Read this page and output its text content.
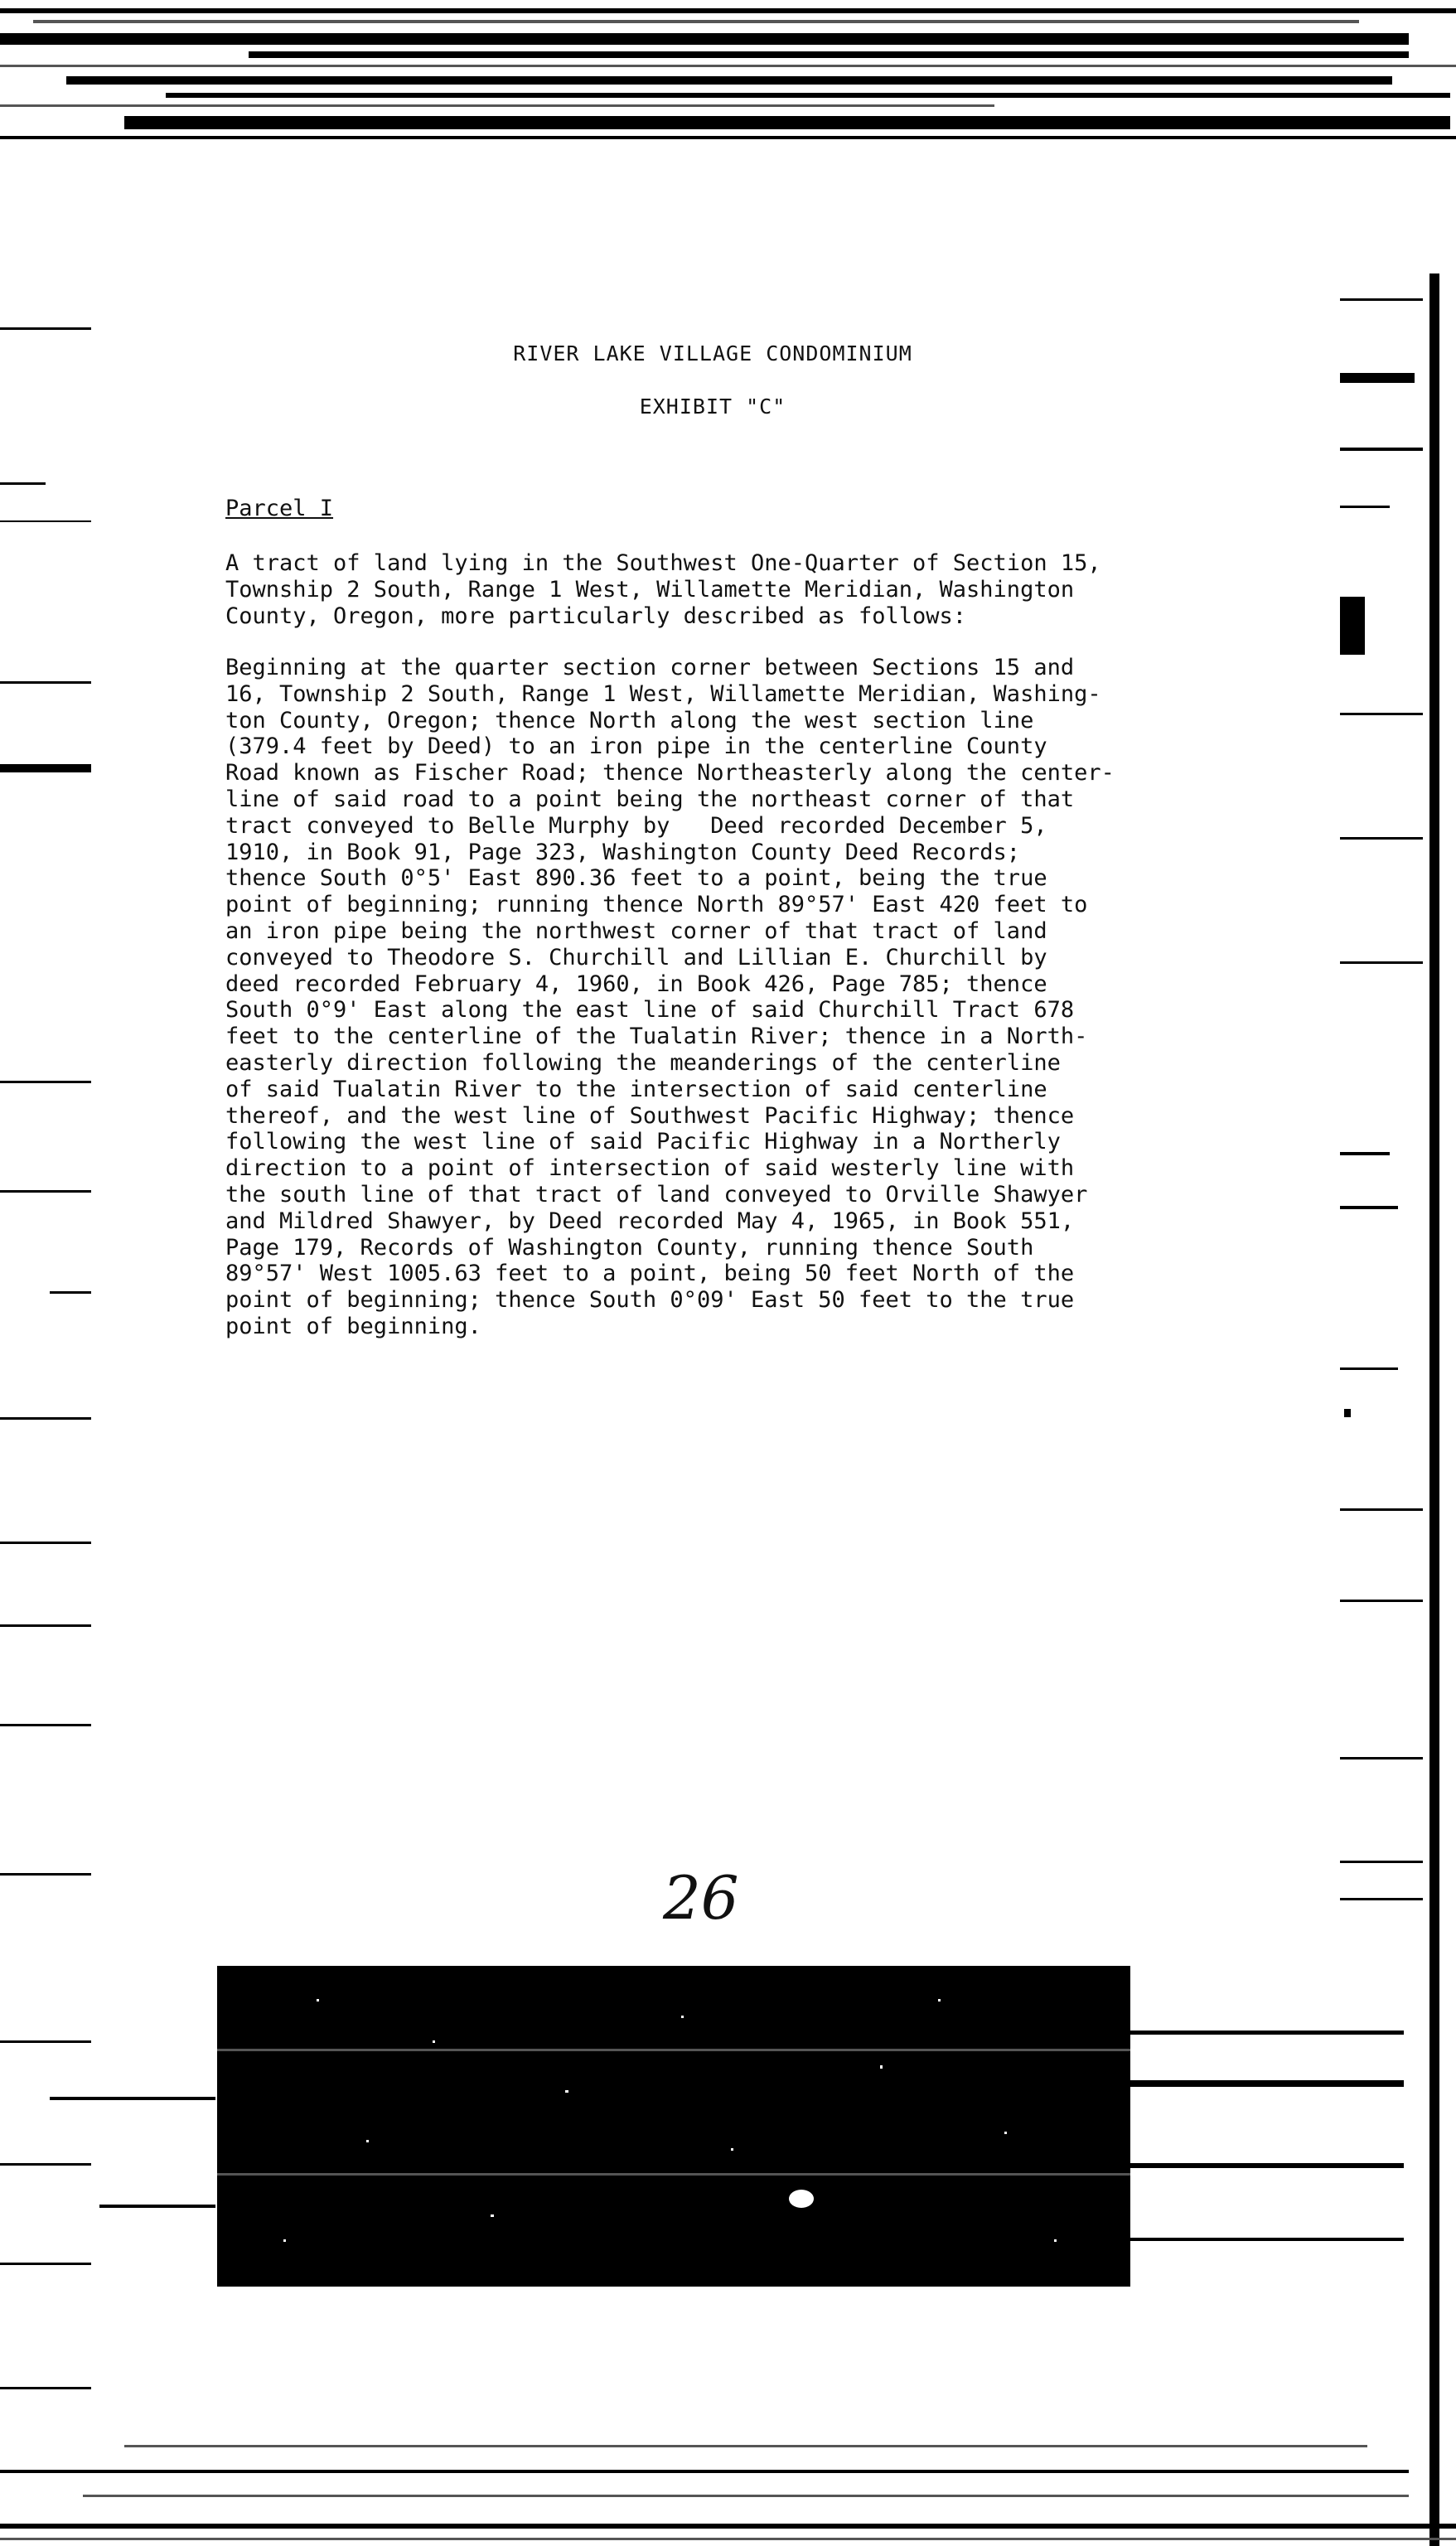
RIVER LAKE VILLAGE CONDOMINIUM
EXHIBIT "C"
Parcel I

A tract of land lying in the Southwest One-Quarter of Section 15,
Township 2 South, Range 1 West, Willamette Meridian, Washington
County, Oregon, more particularly described as follows:

Beginning at the quarter section corner between Sections 15 and
16, Township 2 South, Range 1 West, Willamette Meridian, Washing-
ton County, Oregon; thence North along the west section line
(379.4 feet by Deed) to an iron pipe in the centerline County
Road known as Fischer Road; thence Northeasterly along the center-
line of said road to a point being the northeast corner of that
tract conveyed to Belle Murphy by   Deed recorded December 5,
1910, in Book 91, Page 323, Washington County Deed Records;
thence South 0°5' East 890.36 feet to a point, being the true
point of beginning; running thence North 89°57' East 420 feet to
an iron pipe being the northwest corner of that tract of land
conveyed to Theodore S. Churchill and Lillian E. Churchill by
deed recorded February 4, 1960, in Book 426, Page 785; thence
South 0°9' East along the east line of said Churchill Tract 678
feet to the centerline of the Tualatin River; thence in a North-
easterly direction following the meanderings of the centerline
of said Tualatin River to the intersection of said centerline
thereof, and the west line of Southwest Pacific Highway; thence
following the west line of said Pacific Highway in a Northerly
direction to a point of intersection of said westerly line with
the south line of that tract of land conveyed to Orville Shawyer
and Mildred Shawyer, by Deed recorded May 4, 1965, in Book 551,
Page 179, Records of Washington County, running thence South
89°57' West 1005.63 feet to a point, being 50 feet North of the
point of beginning; thence South 0°09' East 50 feet to the true
point of beginning.

26
